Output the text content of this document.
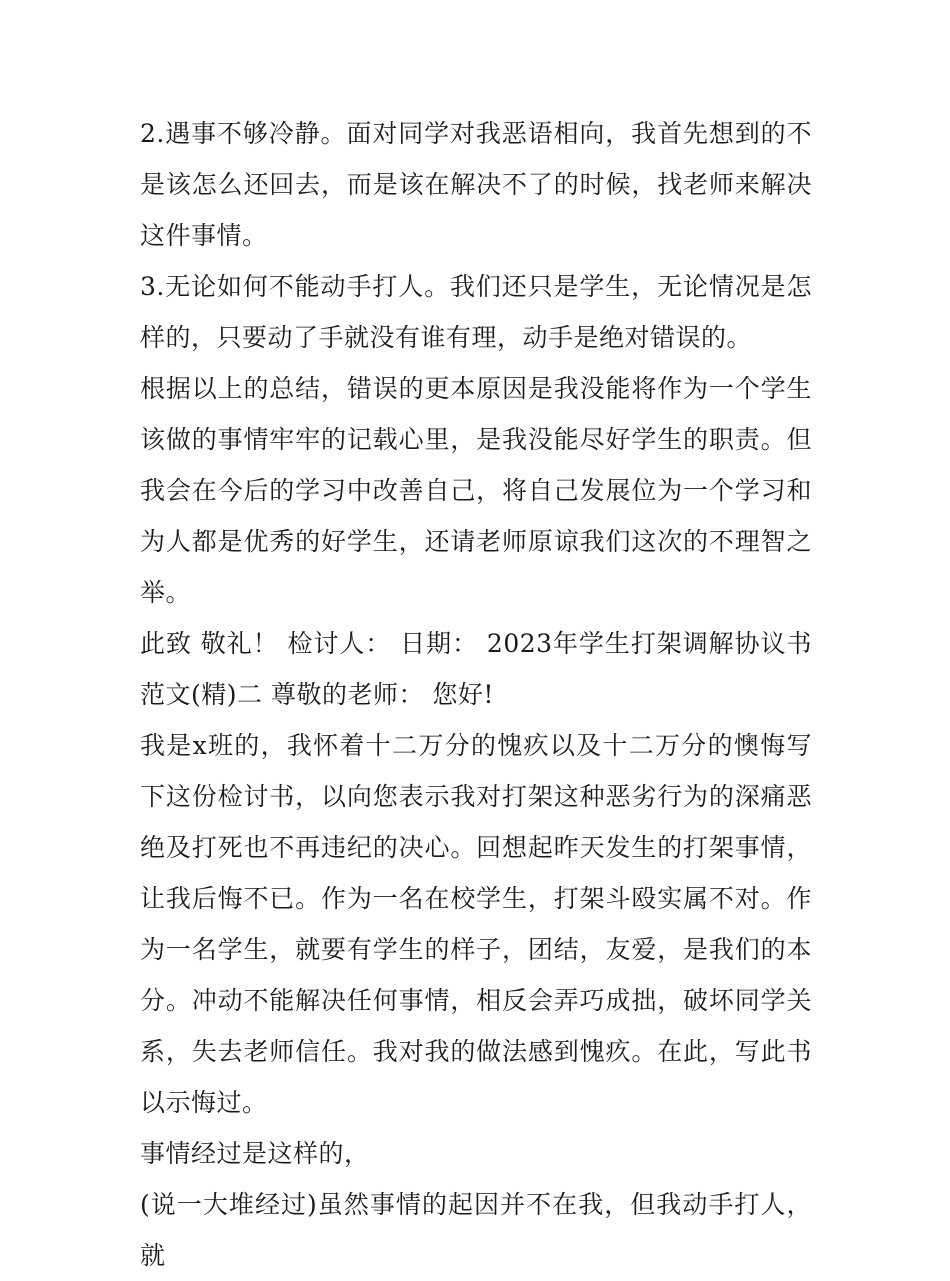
2.遇事不够冷静。面对同学对我恶语相向，我首先想到的不是该怎么还回去，而是该在解决不了的时候，找老师来解决这件事情。

3.无论如何不能动手打人。我们还只是学生，无论情况是怎样的，只要动了手就没有谁有理，动手是绝对错误的。

根据以上的总结，错误的更本原因是我没能将作为一个学生该做的事情牢牢的记载心里，是我没能尽好学生的职责。但我会在今后的学习中改善自己，将自己发展位为一个学习和为人都是优秀的好学生，还请老师原谅我们这次的不理智之举。

此致 敬礼！ 检讨人： 日期： 2023年学生打架调解协议书范文(精)二 尊敬的老师： 您好!

我是x班的，我怀着十二万分的愧疚以及十二万分的懊悔写下这份检讨书，以向您表示我对打架这种恶劣行为的深痛恶绝及打死也不再违纪的决心。回想起昨天发生的打架事情，让我后悔不已。作为一名在校学生，打架斗殴实属不对。作为一名学生，就要有学生的样子，团结，友爱，是我们的本分。冲动不能解决任何事情，相反会弄巧成拙，破坏同学关系，失去老师信任。我对我的做法感到愧疚。在此，写此书以示悔过。

事情经过是这样的，

(说一大堆经过)虽然事情的起因并不在我，但我动手打人，就
